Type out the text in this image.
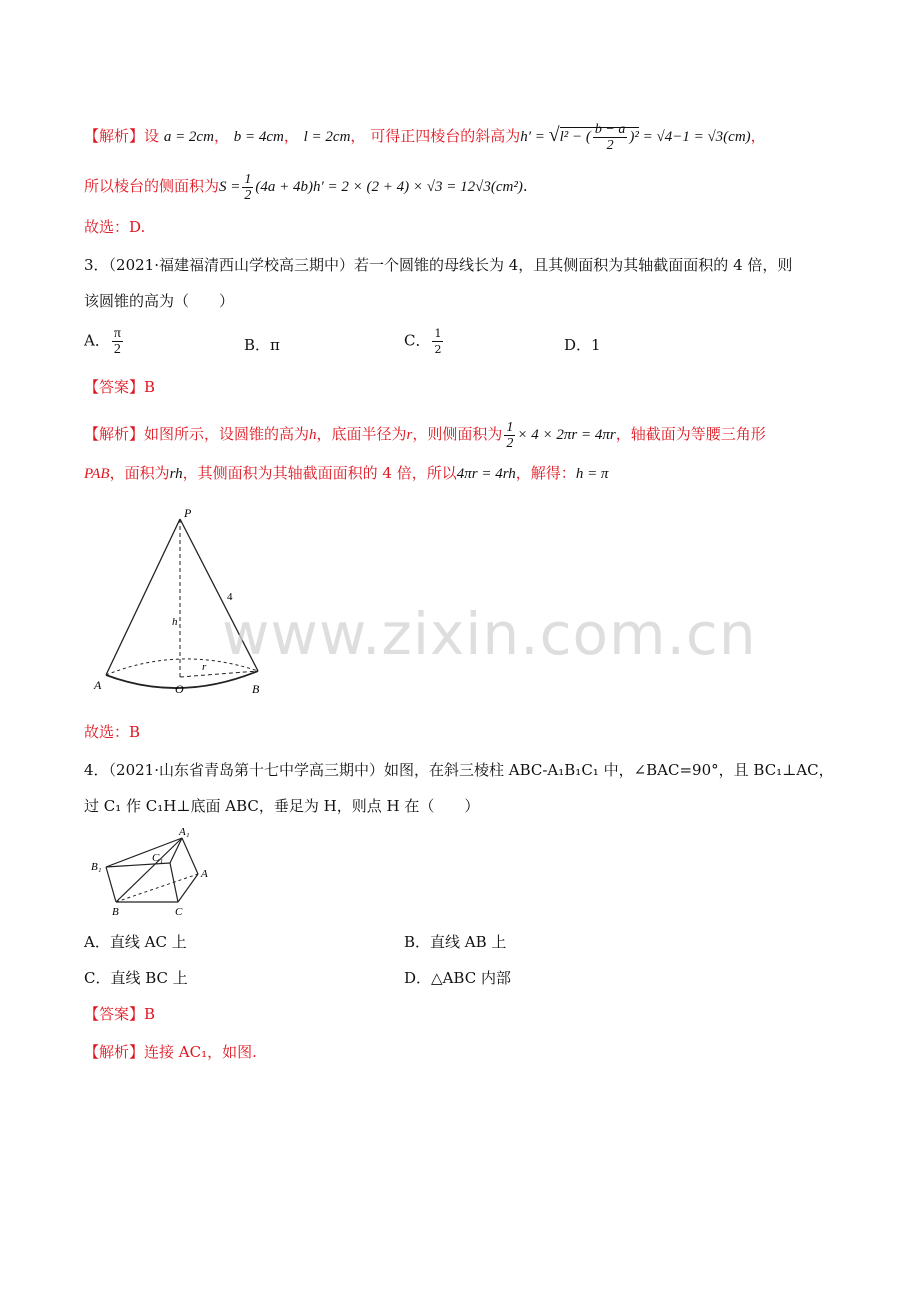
【解析】设 a = 2cm， b = 4cm， l = 2cm， 可得正四棱台的斜高为h′ = √l² − ( $\frac{b - a}{2} )^2 = √4-1 = √3(cm)$，
所以棱台的侧面积为$S = \frac{1}{2} (4a + 4b)h' = 2 \times (2 + 4) \times √3 = 12√3(cm^2)$.
故选：D.
3．（2021·福建福清西山学校高三期中）若一个圆锥的母线长为 4，且其侧面积为其轴截面面积的 4 倍，则
该圆锥的高为（　　）
A． $\frac{\pi}{2}$	B．π	C． $\frac{1}{2}$	D．1
【答案】B
【解析】如图所示，设圆锥的高为h，底面半径为r，则侧面积为 $\frac{1}{2} \times 4 \times 2\pi r = 4\pi r$，轴截面为等腰三角形
PAB，面积为rh，其侧面积为其轴截面面积的 4 倍，所以4πr = 4rh，解得：h = π
P
A	O	B
h
r
4
www.zixin.com.cn
故选：B
4．（2021·山东省青岛第十七中学高三期中）如图，在斜三棱柱 ABC-A₁B₁C₁ 中，∠BAC=90°，且 BC₁⊥AC，
过 C₁ 作 C₁H⊥底面 ABC，垂足为 H，则点 H 在（　　）
A₁
B₁
C₁
A
B	C
A．直线 AC 上	B．直线 AB 上
C．直线 BC 上	D．△ABC 内部
【答案】B
【解析】连接 AC₁，如图.
